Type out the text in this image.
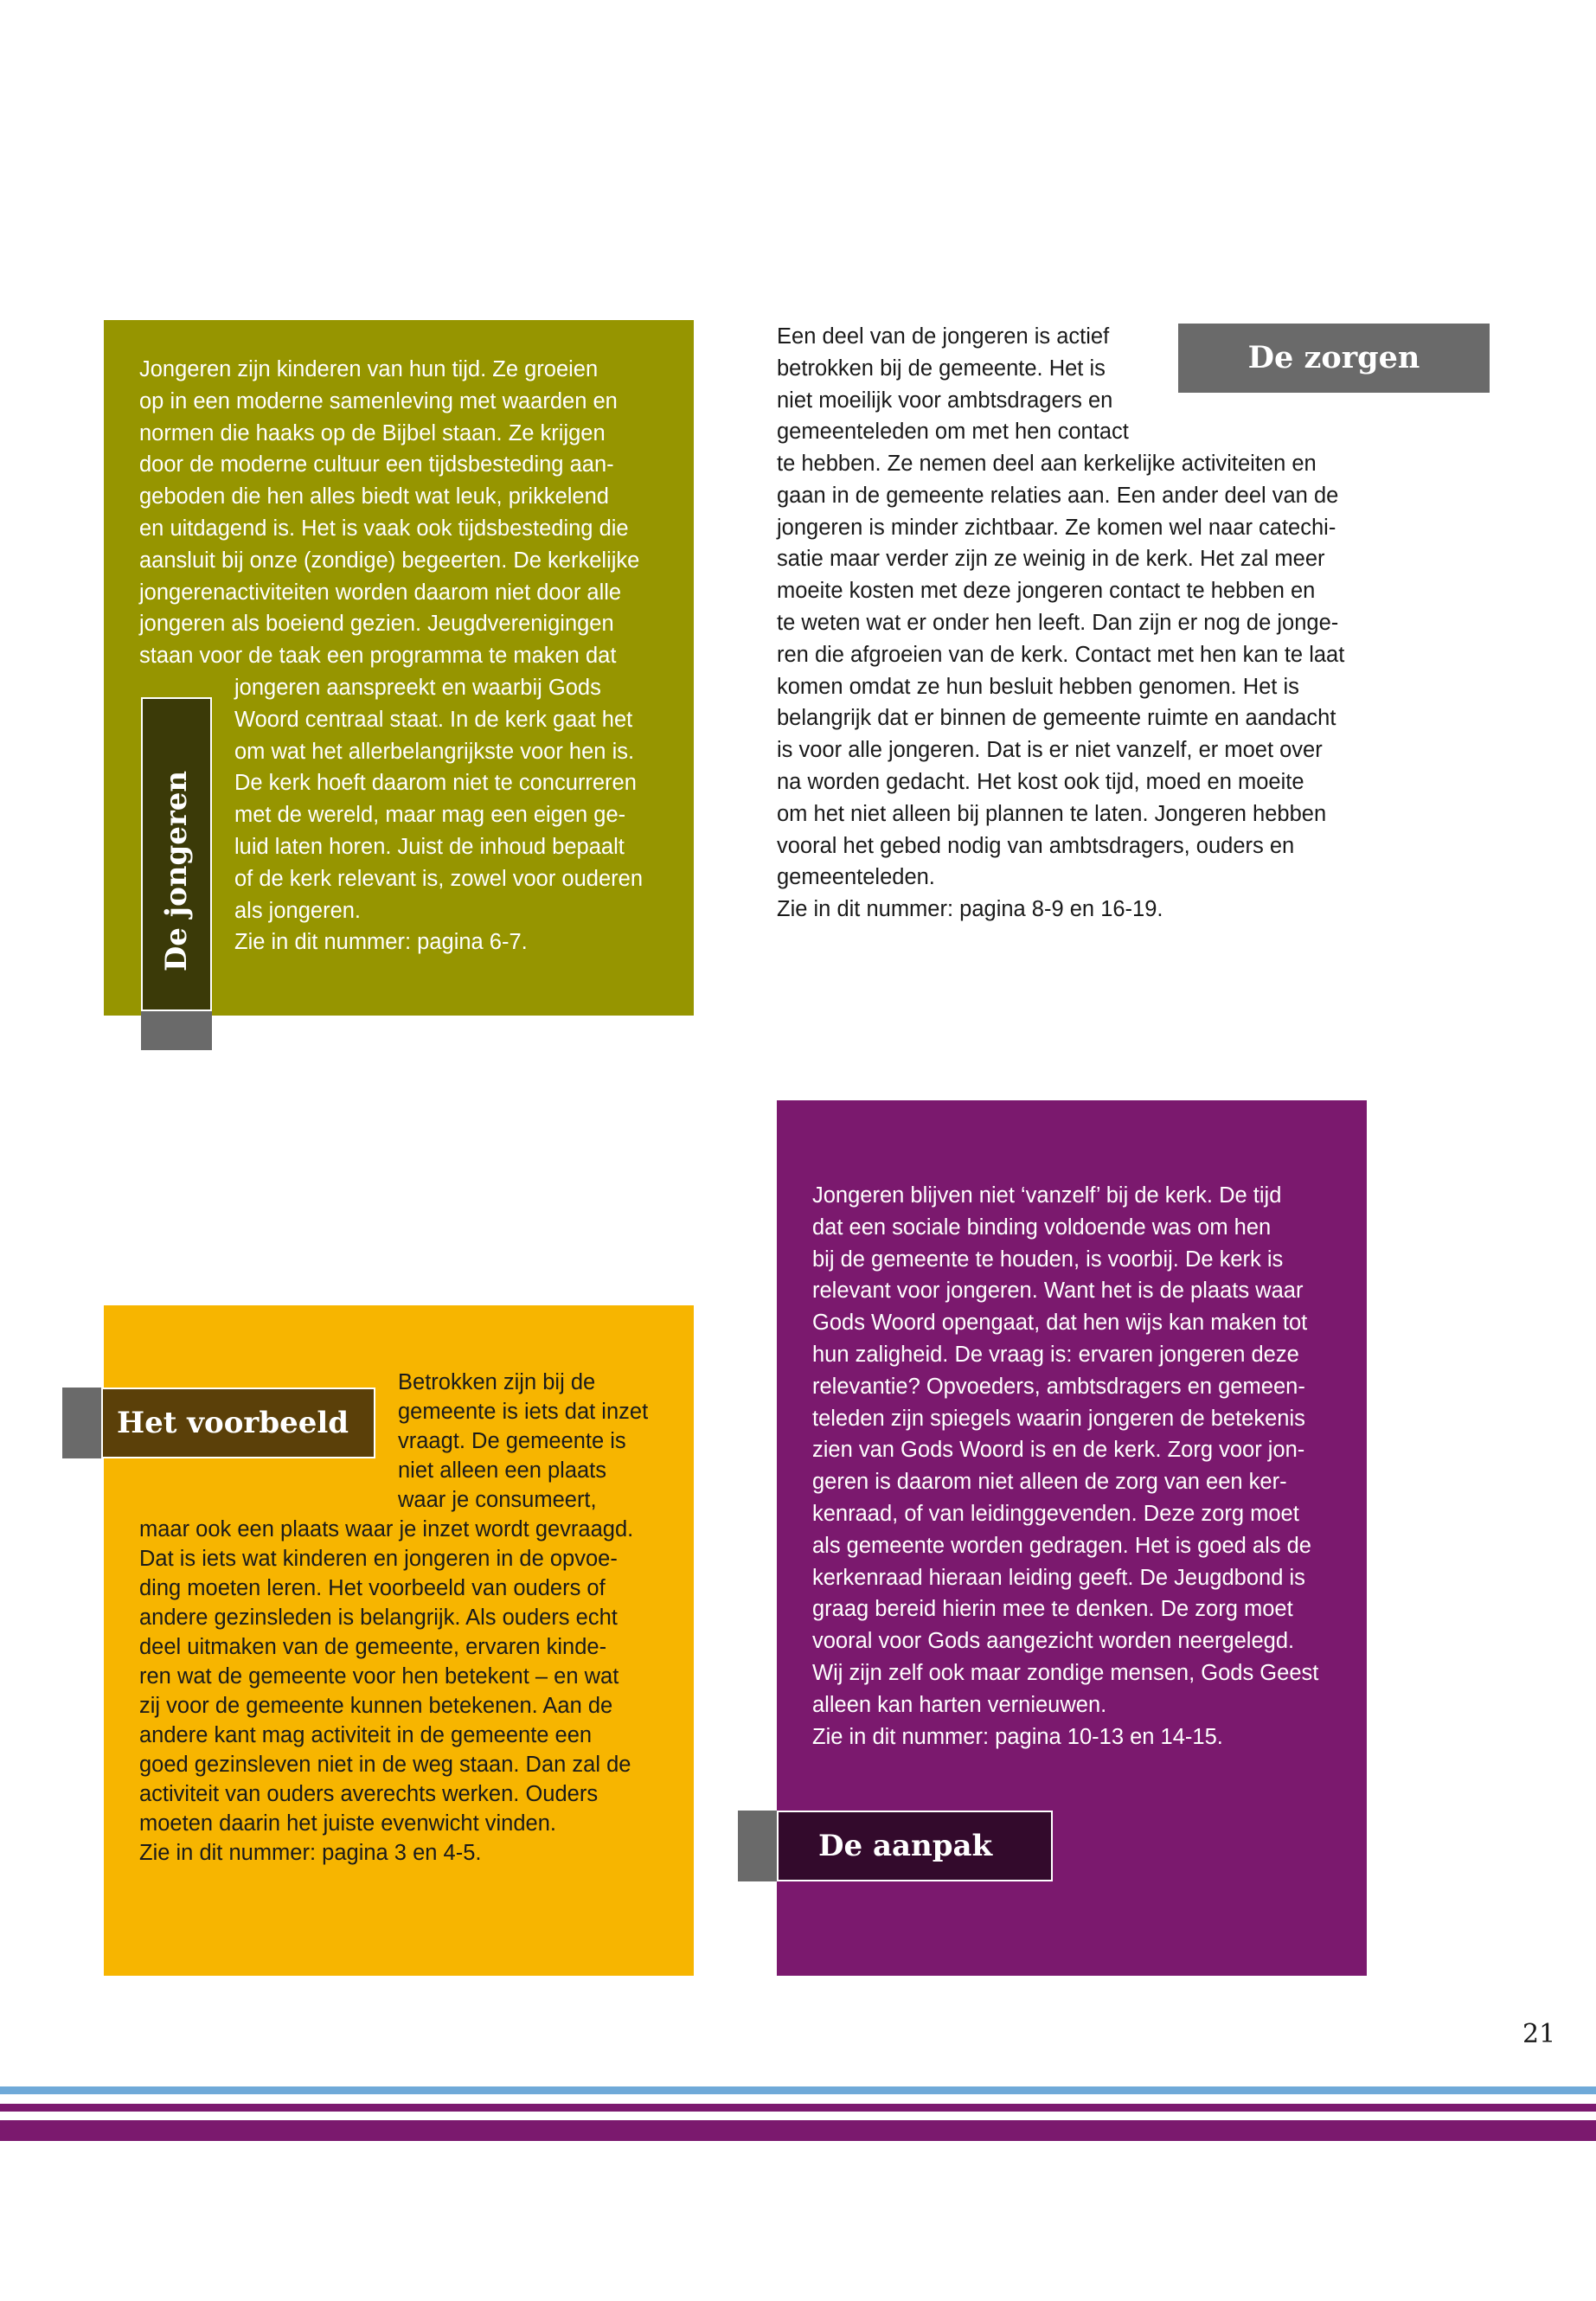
Jongeren zijn kinderen van hun tijd. Ze groeien
op in een moderne samenleving met waarden en
normen die haaks op de Bijbel staan. Ze krijgen
door de moderne cultuur een tijdsbesteding aan-
geboden die hen alles biedt wat leuk, prikkelend
en uitdagend is. Het is vaak ook tijdsbesteding die
aansluit bij onze (zondige) begeerten. De kerkelijke
jongerenactiviteiten worden daarom niet door alle
jongeren als boeiend gezien. Jeugdverenigingen
staan voor de taak een programma te maken dat
jongeren aanspreekt en waarbij Gods
Woord centraal staat. In de kerk gaat het
om wat het allerbelangrijkste voor hen is.
De kerk hoeft daarom niet te concurreren
met de wereld, maar mag een eigen ge-
luid laten horen. Juist de inhoud bepaalt
of de kerk relevant is, zowel voor ouderen
als jongeren.
Zie in dit nummer: pagina 6-7.
De jongeren
De zorgen
Een deel van de jongeren is actief
betrokken bij de gemeente. Het is
niet moeilijk voor ambtsdragers en
gemeenteleden om met hen contact
te hebben. Ze nemen deel aan kerkelijke activiteiten en
gaan in de gemeente relaties aan. Een ander deel van de
jongeren is minder zichtbaar. Ze komen wel naar catechi-
satie maar verder zijn ze weinig in de kerk. Het zal meer
moeite kosten met deze jongeren contact te hebben en
te weten wat er onder hen leeft. Dan zijn er nog de jonge-
ren die afgroeien van de kerk. Contact met hen kan te laat
komen omdat ze hun besluit hebben genomen. Het is
belangrijk dat er binnen de gemeente ruimte en aandacht
is voor alle jongeren. Dat is er niet vanzelf, er moet over
na worden gedacht. Het kost ook tijd, moed en moeite
om het niet alleen bij plannen te laten. Jongeren hebben
vooral het gebed nodig van ambtsdragers, ouders en
gemeenteleden.
Zie in dit nummer: pagina 8-9 en 16-19.
Het voorbeeld
Betrokken zijn bij de
gemeente is iets dat inzet
vraagt. De gemeente is
niet alleen een plaats
waar je consumeert,
maar ook een plaats waar je inzet wordt gevraagd.
Dat is iets wat kinderen en jongeren in de opvoe-
ding moeten leren. Het voorbeeld van ouders of
andere gezinsleden is belangrijk. Als ouders echt
deel uitmaken van de gemeente, ervaren kinde-
ren wat de gemeente voor hen betekent – en wat
zij voor de gemeente kunnen betekenen. Aan de
andere kant mag activiteit in de gemeente een
goed gezinsleven niet in de weg staan. Dan zal de
activiteit van ouders averechts werken. Ouders
moeten daarin het juiste evenwicht vinden.
Zie in dit nummer: pagina 3 en 4-5.
Jongeren blijven niet ‘vanzelf’ bij de kerk. De tijd
dat een sociale binding voldoende was om hen
bij de gemeente te houden, is voorbij. De kerk is
relevant voor jongeren. Want het is de plaats waar
Gods Woord opengaat, dat hen wijs kan maken tot
hun zaligheid. De vraag is: ervaren jongeren deze
relevantie? Opvoeders, ambtsdragers en gemeen-
teleden zijn spiegels waarin jongeren de betekenis
zien van Gods Woord is en de kerk. Zorg voor jon-
geren is daarom niet alleen de zorg van een ker-
kenraad, of van leidinggevenden. Deze zorg moet
als gemeente worden gedragen. Het is goed als de
kerkenraad hieraan leiding geeft. De Jeugdbond is
graag bereid hierin mee te denken. De zorg moet
vooral voor Gods aangezicht worden neergelegd.
Wij zijn zelf ook maar zondige mensen, Gods Geest
alleen kan harten vernieuwen.
Zie in dit nummer: pagina 10-13 en 14-15.
De aanpak
21
